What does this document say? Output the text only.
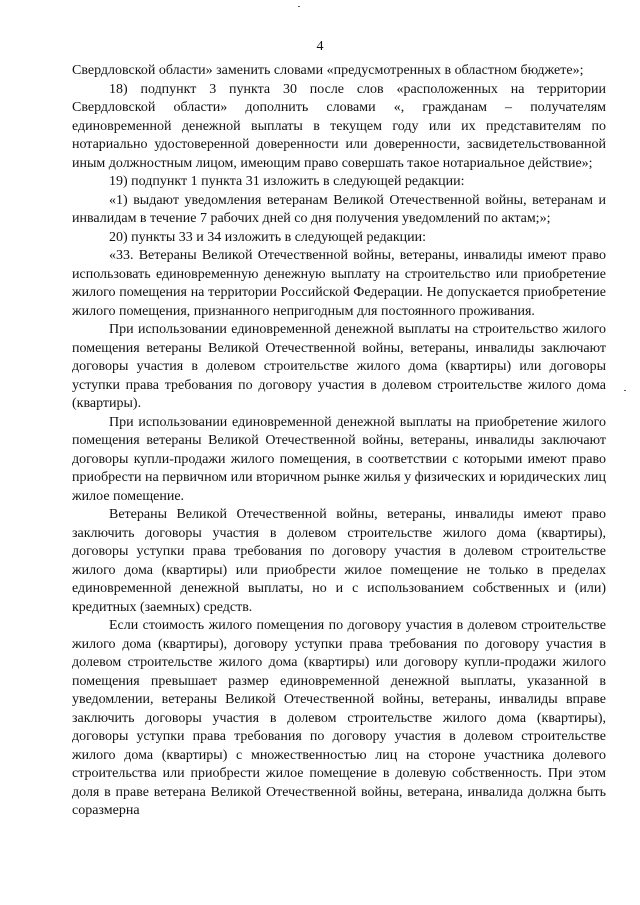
4

Свердловской области» заменить словами «предусмотренных в областном бюджете»;

18) подпункт 3 пункта 30 после слов «расположенных на территории Свердловской области» дополнить словами «, гражданам – получателям единовременной денежной выплаты в текущем году или их представителям по нотариально удостоверенной доверенности или доверенности, засвидетельствованной иным должностным лицом, имеющим право совершать такое нотариальное действие»;

19) подпункт 1 пункта 31 изложить в следующей редакции:

«1) выдают уведомления ветеранам Великой Отечественной войны, ветеранам и инвалидам в течение 7 рабочих дней со дня получения уведомлений по актам;»;

20) пункты 33 и 34 изложить в следующей редакции:

«33. Ветераны Великой Отечественной войны, ветераны, инвалиды имеют право использовать единовременную денежную выплату на строительство или приобретение жилого помещения на территории Российской Федерации. Не допускается приобретение жилого помещения, признанного непригодным для постоянного проживания.

При использовании единовременной денежной выплаты на строительство жилого помещения ветераны Великой Отечественной войны, ветераны, инвалиды заключают договоры участия в долевом строительстве жилого дома (квартиры) или договоры уступки права требования по договору участия в долевом строительстве жилого дома (квартиры).

При использовании единовременной денежной выплаты на приобретение жилого помещения ветераны Великой Отечественной войны, ветераны, инвалиды заключают договоры купли-продажи жилого помещения, в соответствии с которыми имеют право приобрести на первичном или вторичном рынке жилья у физических и юридических лиц жилое помещение.

Ветераны Великой Отечественной войны, ветераны, инвалиды имеют право заключить договоры участия в долевом строительстве жилого дома (квартиры), договоры уступки права требования по договору участия в долевом строительстве жилого дома (квартиры) или приобрести жилое помещение не только в пределах единовременной денежной выплаты, но и с использованием собственных и (или) кредитных (заемных) средств.

Если стоимость жилого помещения по договору участия в долевом строительстве жилого дома (квартиры), договору уступки права требования по договору участия в долевом строительстве жилого дома (квартиры) или договору купли-продажи жилого помещения превышает размер единовременной денежной выплаты, указанной в уведомлении, ветераны Великой Отечественной войны, ветераны, инвалиды вправе заключить договоры участия в долевом строительстве жилого дома (квартиры), договоры уступки права требования по договору участия в долевом строительстве жилого дома (квартиры) с множественностью лиц на стороне участника долевого строительства или приобрести жилое помещение в долевую собственность. При этом доля в праве ветерана Великой Отечественной войны, ветерана, инвалида должна быть соразмерна
